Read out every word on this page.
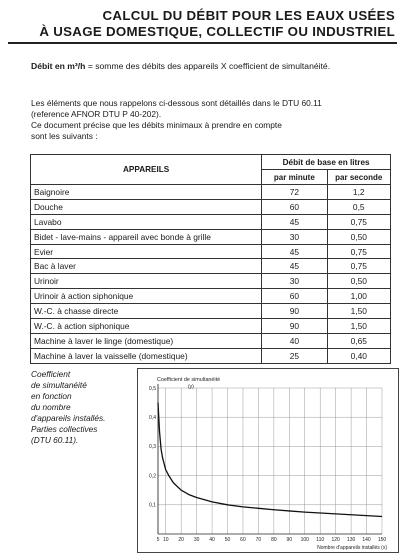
CALCUL DU DÉBIT POUR LES EAUX USÉES
À USAGE DOMESTIQUE, COLLECTIF OU INDUSTRIEL
Débit en m³/h = somme des débits des appareils X coefficient de simultanéité.
Les éléments que nous rappelons ci-dessous sont détaillés dans le DTU 60.11
(reference AFNOR DTU P 40-202).
Ce document précise que les débits minimaux à prendre en compte
sont les suivants :
APPAREILS	Débit de base en litres	
	par minute	par seconde
Baignoire	72	1,2
Douche	60	0,5
Lavabo	45	0,75
Bidet - lave-mains - appareil avec bonde à grille	30	0,50
Evier	45	0,75
Bac à laver	45	0,75
Urinoir	30	0,50
Urinoir à action siphonique	60	1,00
W.-C. à chasse directe	90	1,50
W.-C. à action siphonique	90	1,50
Machine à laver le linge (domestique)	40	0,65
Machine à laver la vaisselle (domestique)	25	0,40
Coefficient
de simultanéité
en fonction
du nombre
d'appareils installés.
Parties collectives
(DTU 60.11).
5 10 20 30 40 50 60 70 80 90 100 110 120 130 140 150
0,1
0,2
0,3
0,4
0,5
Coefficient de simultanéité
(y)
Nombre d'appareils installés (x)
